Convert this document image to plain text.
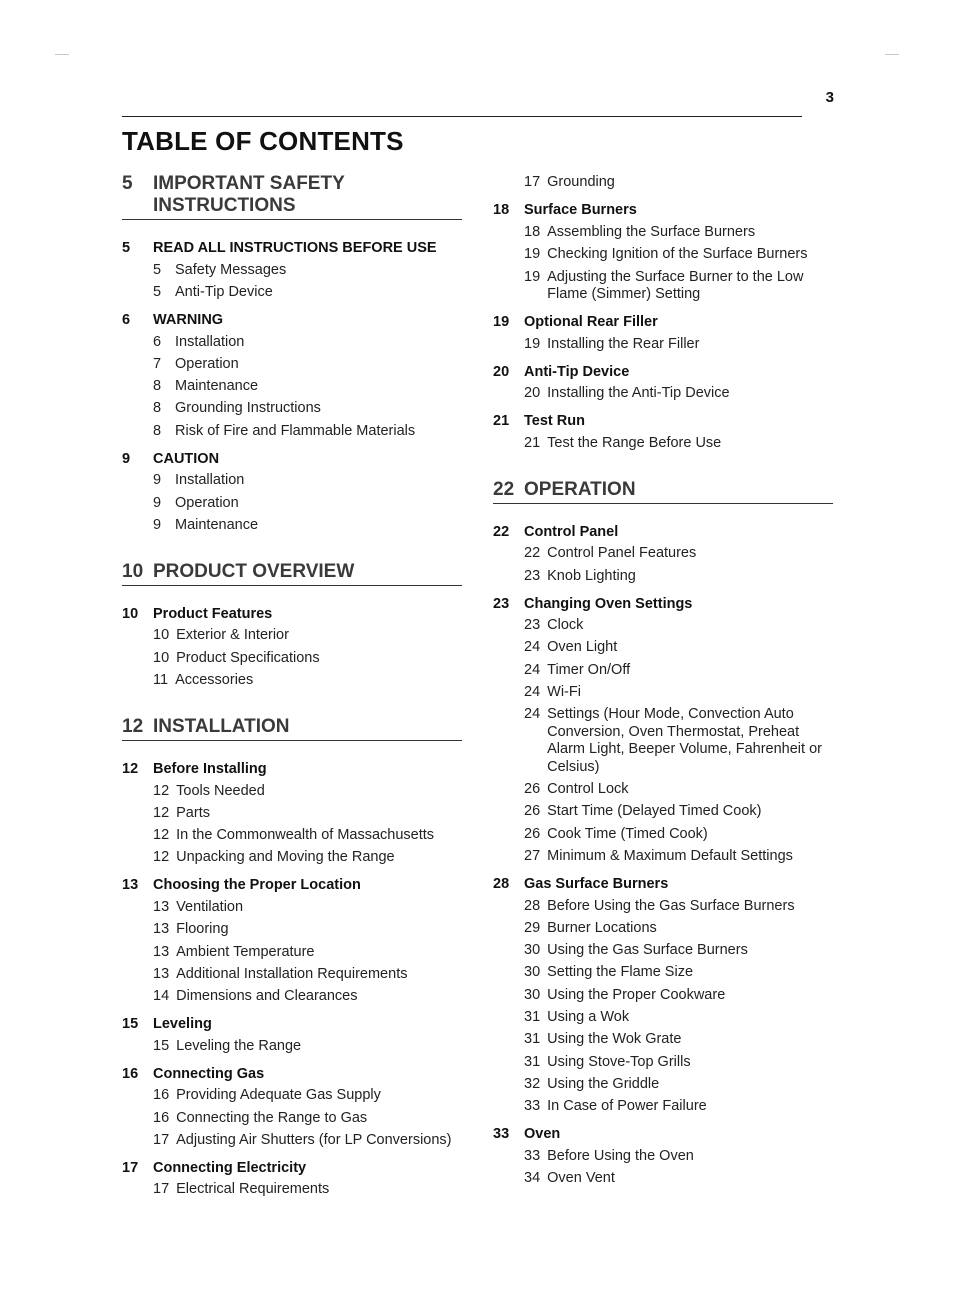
3
TABLE OF CONTENTS
5	IMPORTANT SAFETY INSTRUCTIONS
5	READ ALL INSTRUCTIONS BEFORE USE
5 Safety Messages
5 Anti-Tip Device
6	WARNING
6 Installation
7 Operation
8 Maintenance
8 Grounding Instructions
8 Risk of Fire and Flammable Materials
9	CAUTION
9 Installation
9 Operation
9 Maintenance
10 PRODUCT OVERVIEW
10	Product Features
10 Exterior & Interior
10 Product Specifications
11 Accessories
12 INSTALLATION
12	Before Installing
12 Tools Needed
12 Parts
12 In the Commonwealth of Massachusetts
12 Unpacking and Moving the Range
13	Choosing the Proper Location
13 Ventilation
13 Flooring
13 Ambient Temperature
13 Additional Installation Requirements
14 Dimensions and Clearances
15	Leveling
15 Leveling the Range
16	Connecting Gas
16 Providing Adequate Gas Supply
16 Connecting the Range to Gas
17 Adjusting Air Shutters (for LP Conversions)
17	Connecting Electricity
17 Electrical Requirements
17 Grounding
18	Surface Burners
18 Assembling the Surface Burners
19 Checking Ignition of the Surface Burners
19 Adjusting the Surface Burner to the Low Flame (Simmer) Setting
19	Optional Rear Filler
19 Installing the Rear Filler
20	Anti-Tip Device
20 Installing the Anti-Tip Device
21	Test Run
21 Test the Range Before Use
22 OPERATION
22	Control Panel
22 Control Panel Features
23 Knob Lighting
23	Changing Oven Settings
23 Clock
24 Oven Light
24 Timer On/Off
24 Wi-Fi
24 Settings (Hour Mode, Convection Auto Conversion, Oven Thermostat, Preheat Alarm Light, Beeper Volume, Fahrenheit or Celsius)
26 Control Lock
26 Start Time (Delayed Timed Cook)
26 Cook Time (Timed Cook)
27 Minimum & Maximum Default Settings
28	Gas Surface Burners
28 Before Using the Gas Surface Burners
29 Burner Locations
30 Using the Gas Surface Burners
30 Setting the Flame Size
30 Using the Proper Cookware
31 Using a Wok
31 Using the Wok Grate
31 Using Stove-Top Grills
32 Using the Griddle
33 In Case of Power Failure
33	Oven
33 Before Using the Oven
34 Oven Vent
